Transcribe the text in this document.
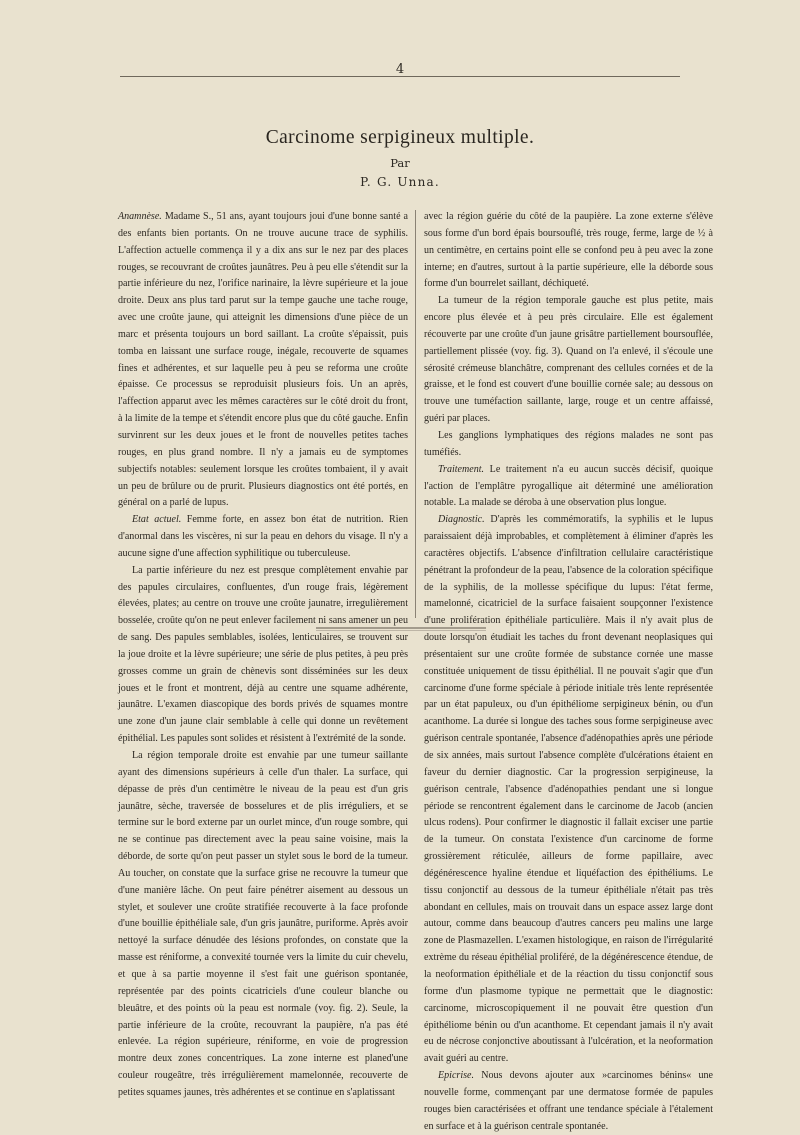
4
Carcinome serpigineux multiple.
Par
P. G. Unna.

Anamnèse. Madame S., 51 ans, ayant toujours joui d'une bonne santé a des enfants bien portants. On ne trouve aucune trace de syphilis. L'affection actuelle commença il y a dix ans sur le nez par des places rouges, se recouvrant de croûtes jaunâtres. Peu à peu elle s'étendit sur la partie inférieure du nez, l'orifice narinaire, la lèvre supérieure et la joue droite. Deux ans plus tard parut sur la tempe gauche une tache rouge, avec une croûte jaune, qui atteignit les dimensions d'une pièce de un marc et présenta toujours un bord saillant. La croûte s'épaissit, puis tomba en laissant une surface rouge, inégale, recouverte de squames fines et adhérentes, et sur laquelle peu à peu se reforma une croûte épaisse. Ce processus se reproduisit plusieurs fois. Un an après, l'affection apparut avec les mêmes caractères sur le côté droit du front, à la limite de la tempe et s'étendit encore plus que du côté gauche. Enfin survinrent sur les deux joues et le front de nouvelles petites taches rouges, en plus grand nombre. Il n'y a jamais eu de symptomes subjectifs notables: seulement lorsque les croûtes tombaient, il y avait un peu de brûlure ou de prurit. Plusieurs diagnostics ont été portés, en général on a parlé de lupus.

Etat actuel. Femme forte, en assez bon état de nutrition. Rien d'anormal dans les viscères, ni sur la peau en dehors du visage. Il n'y a aucune signe d'une affection syphilitique ou tuberculeuse.

La partie inférieure du nez est presque complètement envahie par des papules circulaires, confluentes, d'un rouge frais, légèrement élevées, plates; au centre on trouve une croûte jaunatre, irregulièrement bosselée, croûte qu'on ne peut enlever facilement ni sans amener un peu de sang. Des papules semblables, isolées, lenticulaires, se trouvent sur la joue droite et la lèvre supérieure; une série de plus petites, à peu près grosses comme un grain de chènevis sont disséminées sur les deux joues et le front et montrent, déjà au centre une squame adhérente, jaunâtre. L'examen diascopique des bords privés de squames montre une zone d'un jaune clair semblable à celle qui donne un revêtement épithélial. Les papules sont solides et résistent à l'extrémité de la sonde.

La région temporale droite est envahie par une tumeur saillante ayant des dimensions supérieurs à celle d'un thaler. La surface, qui dépasse de près d'un centimètre le niveau de la peau est d'un gris jaunâtre, sèche, traversée de bosselures et de plis irréguliers, et se termine sur le bord externe par un ourlet mince, d'un rouge sombre, qui ne se continue pas directement avec la peau saine voisine, mais la déborde, de sorte qu'on peut passer un stylet sous le bord de la tumeur. Au toucher, on constate que la surface grise ne recouvre la tumeur que d'une manière lâche. On peut faire pénétrer aisement au dessous un stylet, et soulever une croûte stratifiée recouverte à la face profonde d'une bouillie épithéliale sale, d'un gris jaunâtre, puriforme. Après avoir nettoyé la surface dénudée des lésions profondes, on constate que la masse est réniforme, a convexité tournée vers la limite du cuir chevelu, et que à sa partie moyenne il s'est fait une guérison spontanée, représentée par des points cicatriciels d'une couleur blanche ou bleuâtre, et des points où la peau est normale (voy. fig. 2). Seule, la partie inférieure de la croûte, recouvrant la paupière, n'a pas été enlevée. La région supérieure, réniforme, en voie de progression montre deux zones concentriques. La zone interne est planed'une couleur rougeâtre, très irrégulièrement mamelonnée, recouverte de petites squames jaunes, très adhérentes et se continue en s'aplatissant

avec la région guérie du côté de la paupière. La zone externe s'élève sous forme d'un bord épais boursouflé, très rouge, ferme, large de ½ à un centimètre, en certains point elle se confond peu à peu avec la zone interne; en d'autres, surtout à la partie supérieure, elle la déborde sous forme d'un bourrelet saillant, déchiqueté.

La tumeur de la région temporale gauche est plus petite, mais encore plus élevée et à peu près circulaire. Elle est également récouverte par une croûte d'un jaune grisâtre partiellement boursouflée, partiellement plissée (voy. fig. 3). Quand on l'a enlevé, il s'écoule une sérosité crémeuse blanchâtre, comprenant des cellules cornées et de la graisse, et le fond est couvert d'une bouillie cornée sale; au dessous on trouve une tuméfaction saillante, large, rouge et un centre affaissé, guéri par places.

Les ganglions lymphatiques des régions malades ne sont pas tuméfiés.

Traitement. Le traitement n'a eu aucun succès décisif, quoique l'action de l'emplâtre pyrogallique ait déterminé une amélioration notable. La malade se déroba à une observation plus longue.

Diagnostic. D'après les commémoratifs, la syphilis et le lupus paraissaient déjà improbables, et complètement à éliminer d'après les caractères objectifs. L'absence d'infiltration cellulaire caractéristique pénétrant la profondeur de la peau, l'absence de la coloration spécifique de la syphilis, de la mollesse spécifique du lupus: l'état ferme, mamelonné, cicatriciel de la surface faisaient soupçonner l'existence d'une prolifération épithéliale particulière. Mais il n'y avait plus de doute lorsqu'on étudiait les taches du front devenant neoplasiques qui présentaient sur une croûte formée de substance cornée une masse constituée uniquement de tissu épithélial. Il ne pouvait s'agir que d'un carcinome d'une forme spéciale à période initiale très lente représentée par un état papuleux, ou d'un épithéliome serpigineux bénin, ou d'un acanthome. La durée si longue des taches sous forme serpigineuse avec guérison centrale spontanée, l'absence d'adénopathies après une période de six années, mais surtout l'absence complète d'ulcérations étaient en faveur du dernier diagnostic. Car la progression serpigineuse, la guérison centrale, l'absence d'adénopathies pendant une si longue période se rencontrent également dans le carcinome de Jacob (ancien ulcus rodens). Pour confirmer le diagnostic il fallait exciser une partie de la tumeur. On constata l'existence d'un carcinome de forme grossièrement réticulée, ailleurs de forme papillaire, avec dégénérescence hyaline étendue et liquéfaction des épithéliums. Le tissu conjonctif au dessous de la tumeur épithéliale n'était pas très abondant en cellules, mais on trouvait dans un espace assez large dont autour, comme dans beaucoup d'autres cancers peu malins une large zone de Plasmazellen. L'examen histologique, en raison de l'irrégularité extrème du réseau épithélial proliféré, de la dégénérescence étendue, de la neoformation épithéliale et de la réaction du tissu conjonctif sous forme d'un plasmome typique ne permettait que le diagnostic: carcinome, microscopiquement il ne pouvait être question d'un épithéliome bénin ou d'un acanthome. Et cependant jamais il n'y avait eu de nécrose conjonctive aboutissant à l'ulcération, et la neoformation avait guéri au centre.

Epicrise. Nous devons ajouter aux »carcinomes bénins« une nouvelle forme, commençant par une dermatose formée de papules rouges bien caractérisées et offrant une tendance spéciale à l'étalement en surface et à la guérison centrale spontanée.
